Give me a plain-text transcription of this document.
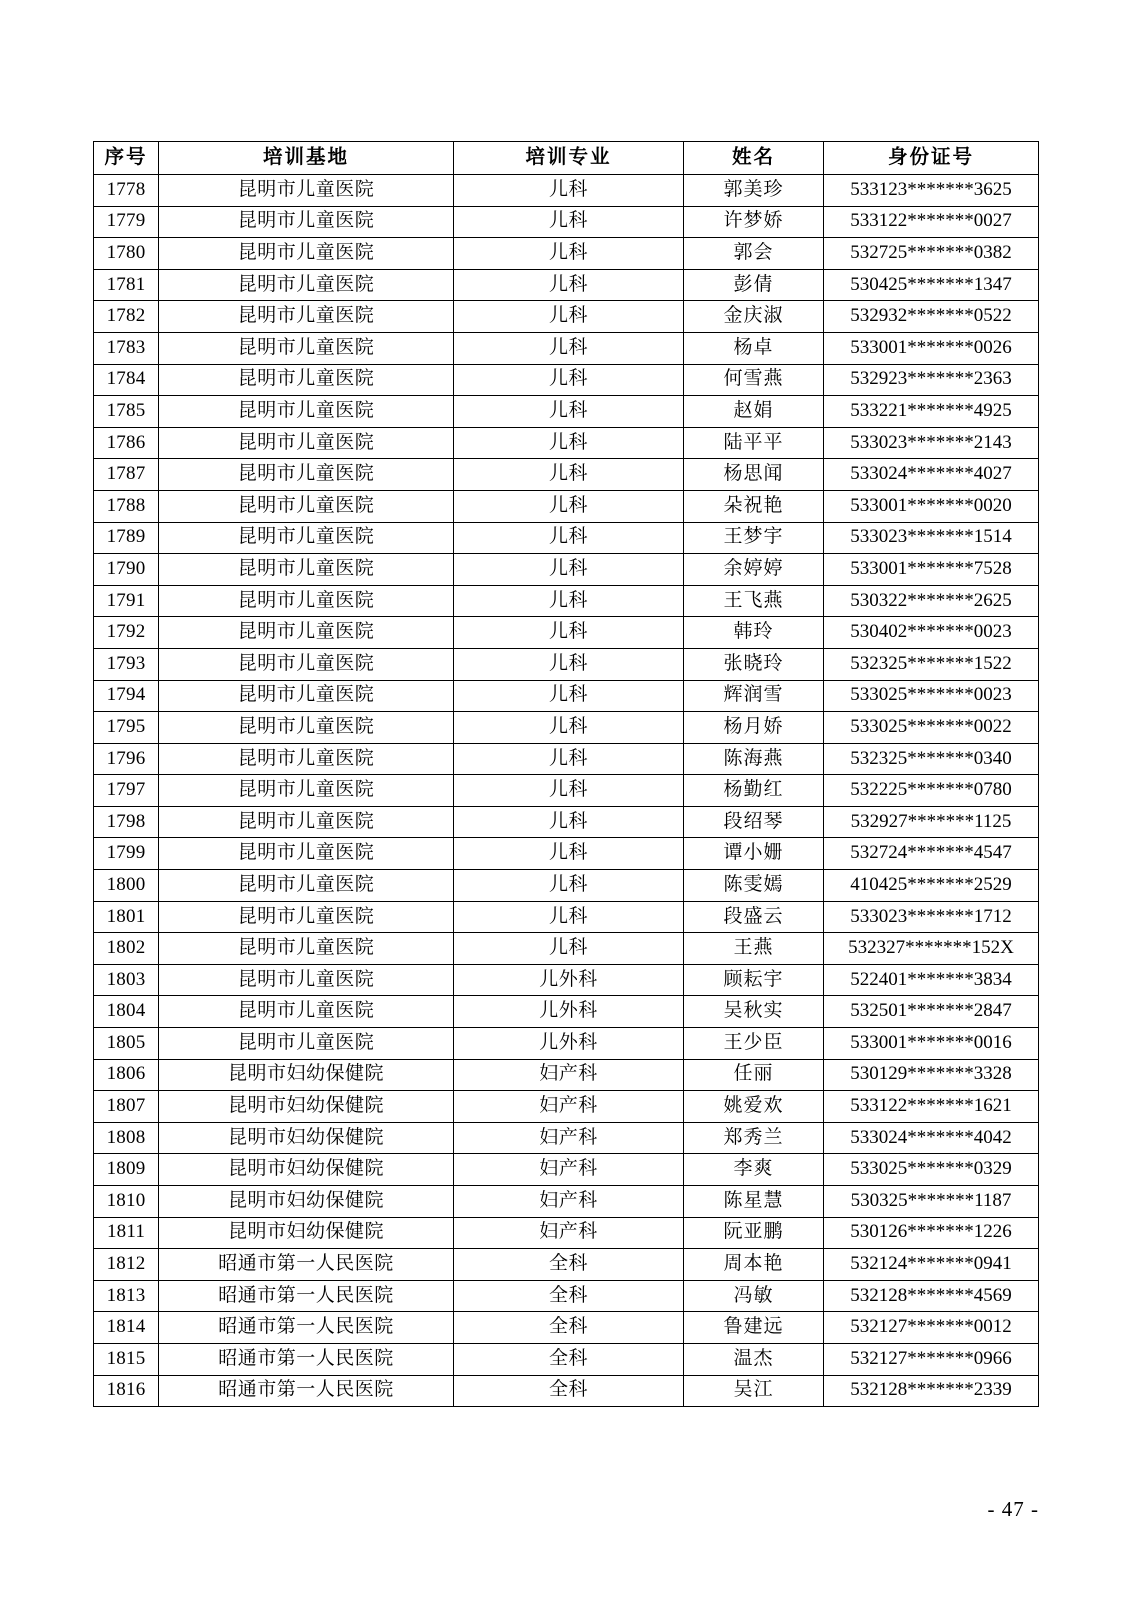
序号	培训基地	培训专业	姓名	身份证号
1778	昆明市儿童医院	儿科	郭美珍	533123*******3625
1779	昆明市儿童医院	儿科	许梦娇	533122*******0027
1780	昆明市儿童医院	儿科	郭会	532725*******0382
1781	昆明市儿童医院	儿科	彭倩	530425*******1347
1782	昆明市儿童医院	儿科	金庆淑	532932*******0522
1783	昆明市儿童医院	儿科	杨卓	533001*******0026
1784	昆明市儿童医院	儿科	何雪燕	532923*******2363
1785	昆明市儿童医院	儿科	赵娟	533221*******4925
1786	昆明市儿童医院	儿科	陆平平	533023*******2143
1787	昆明市儿童医院	儿科	杨思闻	533024*******4027
1788	昆明市儿童医院	儿科	朵祝艳	533001*******0020
1789	昆明市儿童医院	儿科	王梦宇	533023*******1514
1790	昆明市儿童医院	儿科	余婷婷	533001*******7528
1791	昆明市儿童医院	儿科	王飞燕	530322*******2625
1792	昆明市儿童医院	儿科	韩玲	530402*******0023
1793	昆明市儿童医院	儿科	张晓玲	532325*******1522
1794	昆明市儿童医院	儿科	辉润雪	533025*******0023
1795	昆明市儿童医院	儿科	杨月娇	533025*******0022
1796	昆明市儿童医院	儿科	陈海燕	532325*******0340
1797	昆明市儿童医院	儿科	杨勤红	532225*******0780
1798	昆明市儿童医院	儿科	段绍琴	532927*******1125
1799	昆明市儿童医院	儿科	谭小姗	532724*******4547
1800	昆明市儿童医院	儿科	陈雯嫣	410425*******2529
1801	昆明市儿童医院	儿科	段盛云	533023*******1712
1802	昆明市儿童医院	儿科	王燕	532327*******152X
1803	昆明市儿童医院	儿外科	顾耘宇	522401*******3834
1804	昆明市儿童医院	儿外科	吴秋实	532501*******2847
1805	昆明市儿童医院	儿外科	王少臣	533001*******0016
1806	昆明市妇幼保健院	妇产科	任丽	530129*******3328
1807	昆明市妇幼保健院	妇产科	姚爱欢	533122*******1621
1808	昆明市妇幼保健院	妇产科	郑秀兰	533024*******4042
1809	昆明市妇幼保健院	妇产科	李爽	533025*******0329
1810	昆明市妇幼保健院	妇产科	陈星慧	530325*******1187
1811	昆明市妇幼保健院	妇产科	阮亚鹏	530126*******1226
1812	昭通市第一人民医院	全科	周本艳	532124*******0941
1813	昭通市第一人民医院	全科	冯敏	532128*******4569
1814	昭通市第一人民医院	全科	鲁建远	532127*******0012
1815	昭通市第一人民医院	全科	温杰	532127*******0966
1816	昭通市第一人民医院	全科	吴江	532128*******2339
- 47 -
